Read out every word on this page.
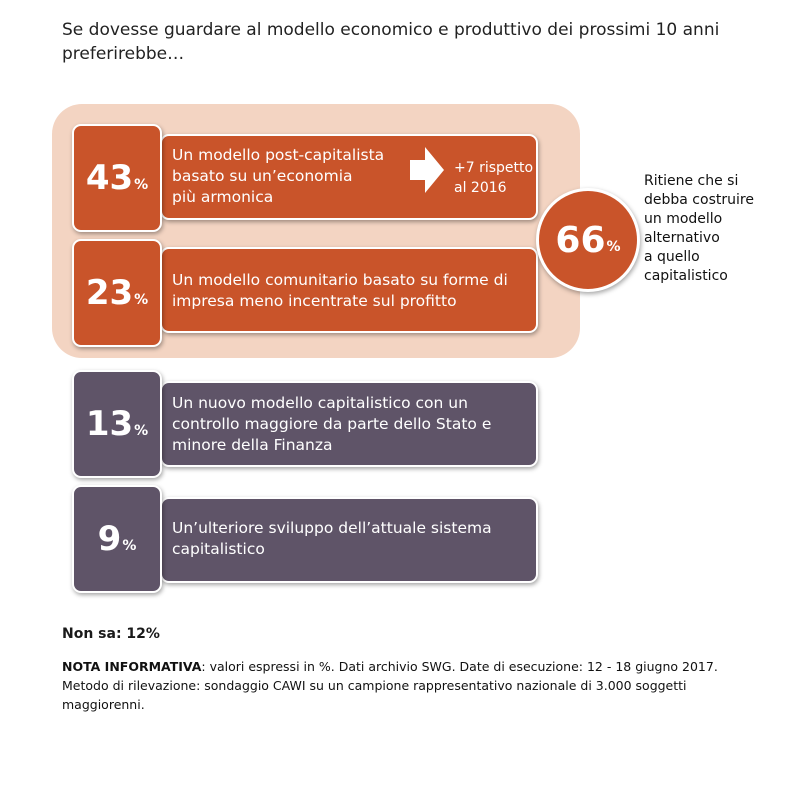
Se dovesse guardare al modello economico e produttivo dei prossimi 10 anni preferirebbe…
43 %
Un modello post-capitalista
basato su un’economia
più armonica
23 %
Un modello comunitario basato su forme di
impresa meno incentrate sul profitto
13 %
Un nuovo modello capitalistico con un
controllo maggiore da parte dello Stato e
minore della Finanza
9 %
Un’ulteriore sviluppo dell’attuale sistema
capitalistico
+7 rispetto
al 2016
66 %
Ritiene che si
debba costruire
un modello
alternativo
a quello
capitalistico
Non sa: 12%
NOTA INFORMATIVA: valori espressi in %. Dati archivio SWG. Date di esecuzione: 12 - 18 giugno 2017. Metodo di rilevazione: sondaggio CAWI su un campione rappresentativo nazionale di 3.000 soggetti maggiorenni.
